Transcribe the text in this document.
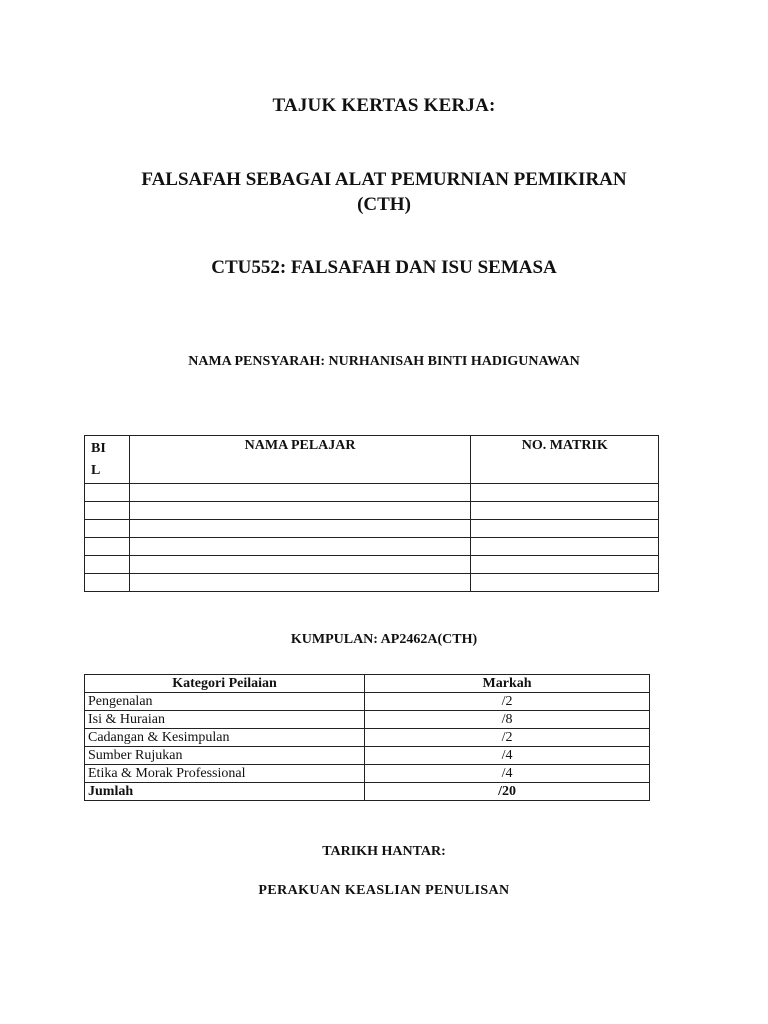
TAJUK KERTAS KERJA:
FALSAFAH SEBAGAI ALAT PEMURNIAN PEMIKIRAN
(CTH)
CTU552: FALSAFAH DAN ISU SEMASA
NAMA PENSYARAH: NURHANISAH BINTI HADIGUNAWAN
BI
L	NAMA PELAJAR	NO. MATRIK

KUMPULAN: AP2462A(CTH)
Kategori Peilaian	Markah
Pengenalan	/2
Isi & Huraian	/8
Cadangan & Kesimpulan	/2
Sumber Rujukan	/4
Etika & Morak Professional	/4
Jumlah	/20
TARIKH HANTAR:
PERAKUAN KEASLIAN PENULISAN
